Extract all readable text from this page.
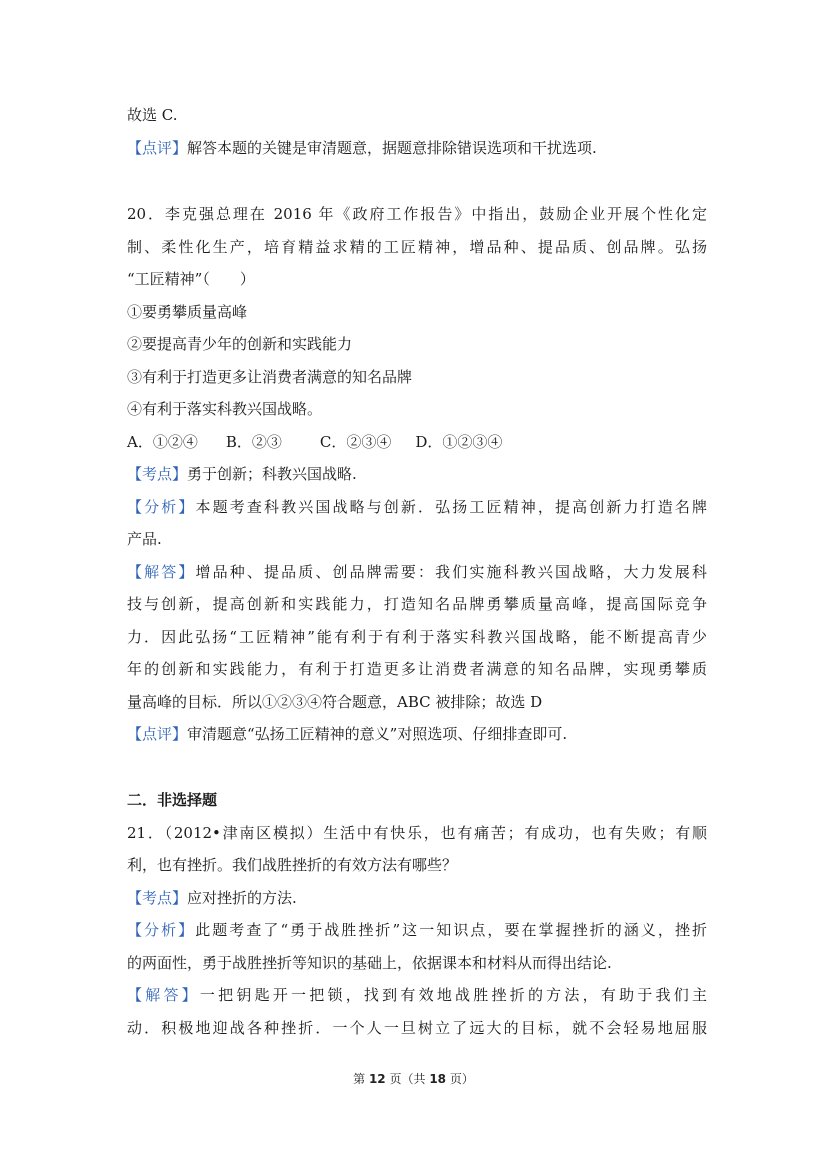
故选 C.
【点评】解答本题的关键是审清题意，据题意排除错误选项和干扰选项.
20．李克强总理在 2016 年《政府工作报告》中指出，鼓励企业开展个性化定
制、柔性化生产，培育精益求精的工匠精神，增品种、提品质、创品牌。弘扬
“工匠精神”（　　）
①要勇攀质量高峰
②要提高青少年的创新和实践能力
③有利于打造更多让消费者满意的知名品牌
④有利于落实科教兴国战略。
A．①②④ B．②③	C．②③④ D．①②③④
【考点】勇于创新；科教兴国战略.
【分析】本题考查科教兴国战略与创新．弘扬工匠精神，提高创新力打造名牌
产品.
【解答】增品种、提品质、创品牌需要：我们实施科教兴国战略，大力发展科
技与创新，提高创新和实践能力，打造知名品牌勇攀质量高峰，提高国际竞争
力．因此弘扬“工匠精神”能有利于有利于落实科教兴国战略，能不断提高青少
年的创新和实践能力，有利于打造更多让消费者满意的知名品牌，实现勇攀质
量高峰的目标．所以①②③④符合题意，ABC 被排除；故选 D
【点评】审清题意“弘扬工匠精神的意义”对照选项、仔细排查即可.
二．非选择题
21．（2012•津南区模拟）生活中有快乐，也有痛苦；有成功，也有失败；有顺
利，也有挫折。我们战胜挫折的有效方法有哪些？
【考点】应对挫折的方法.
【分析】此题考查了“勇于战胜挫折”这一知识点，要在掌握挫折的涵义，挫折
的两面性，勇于战胜挫折等知识的基础上，依据课本和材料从而得出结论.
【解答】一把钥匙开一把锁，找到有效地战胜挫折的方法，有助于我们主
动．积极地迎战各种挫折．一个人一旦树立了远大的目标，就不会轻易地屈服
第 12 页（共 18 页）
